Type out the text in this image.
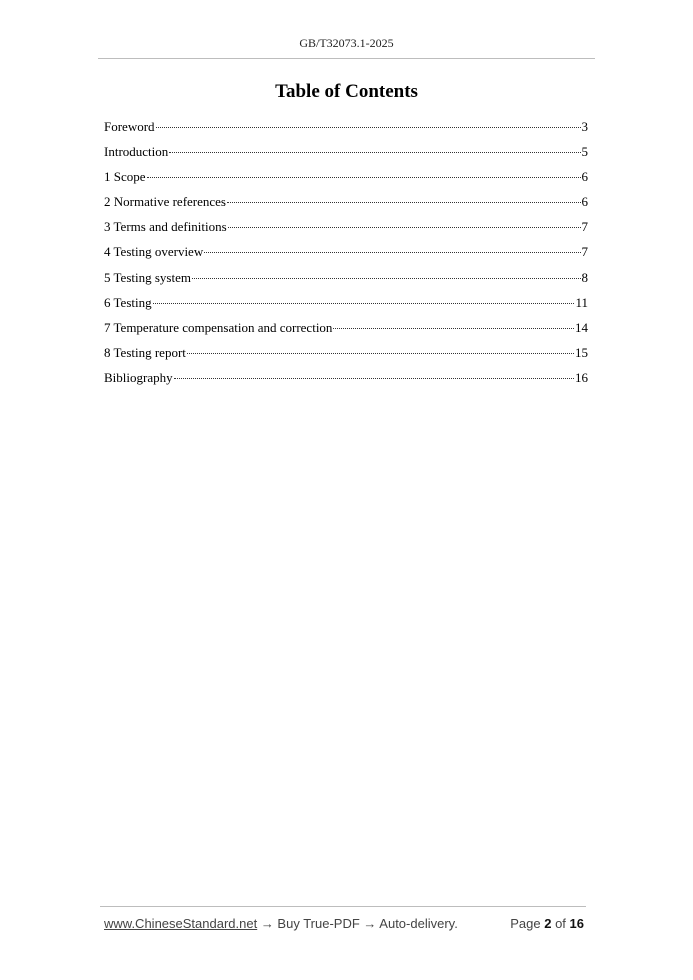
GB/T32073.1-2025
Table of Contents
Foreword	3
Introduction	5
1 Scope	6
2 Normative references	6
3 Terms and definitions	7
4 Testing overview	7
5 Testing system	8
6 Testing	11
7 Temperature compensation and correction	14
8 Testing report	15
Bibliography	16
www.ChineseStandard.net → Buy True-PDF → Auto-delivery.	Page 2 of 16
